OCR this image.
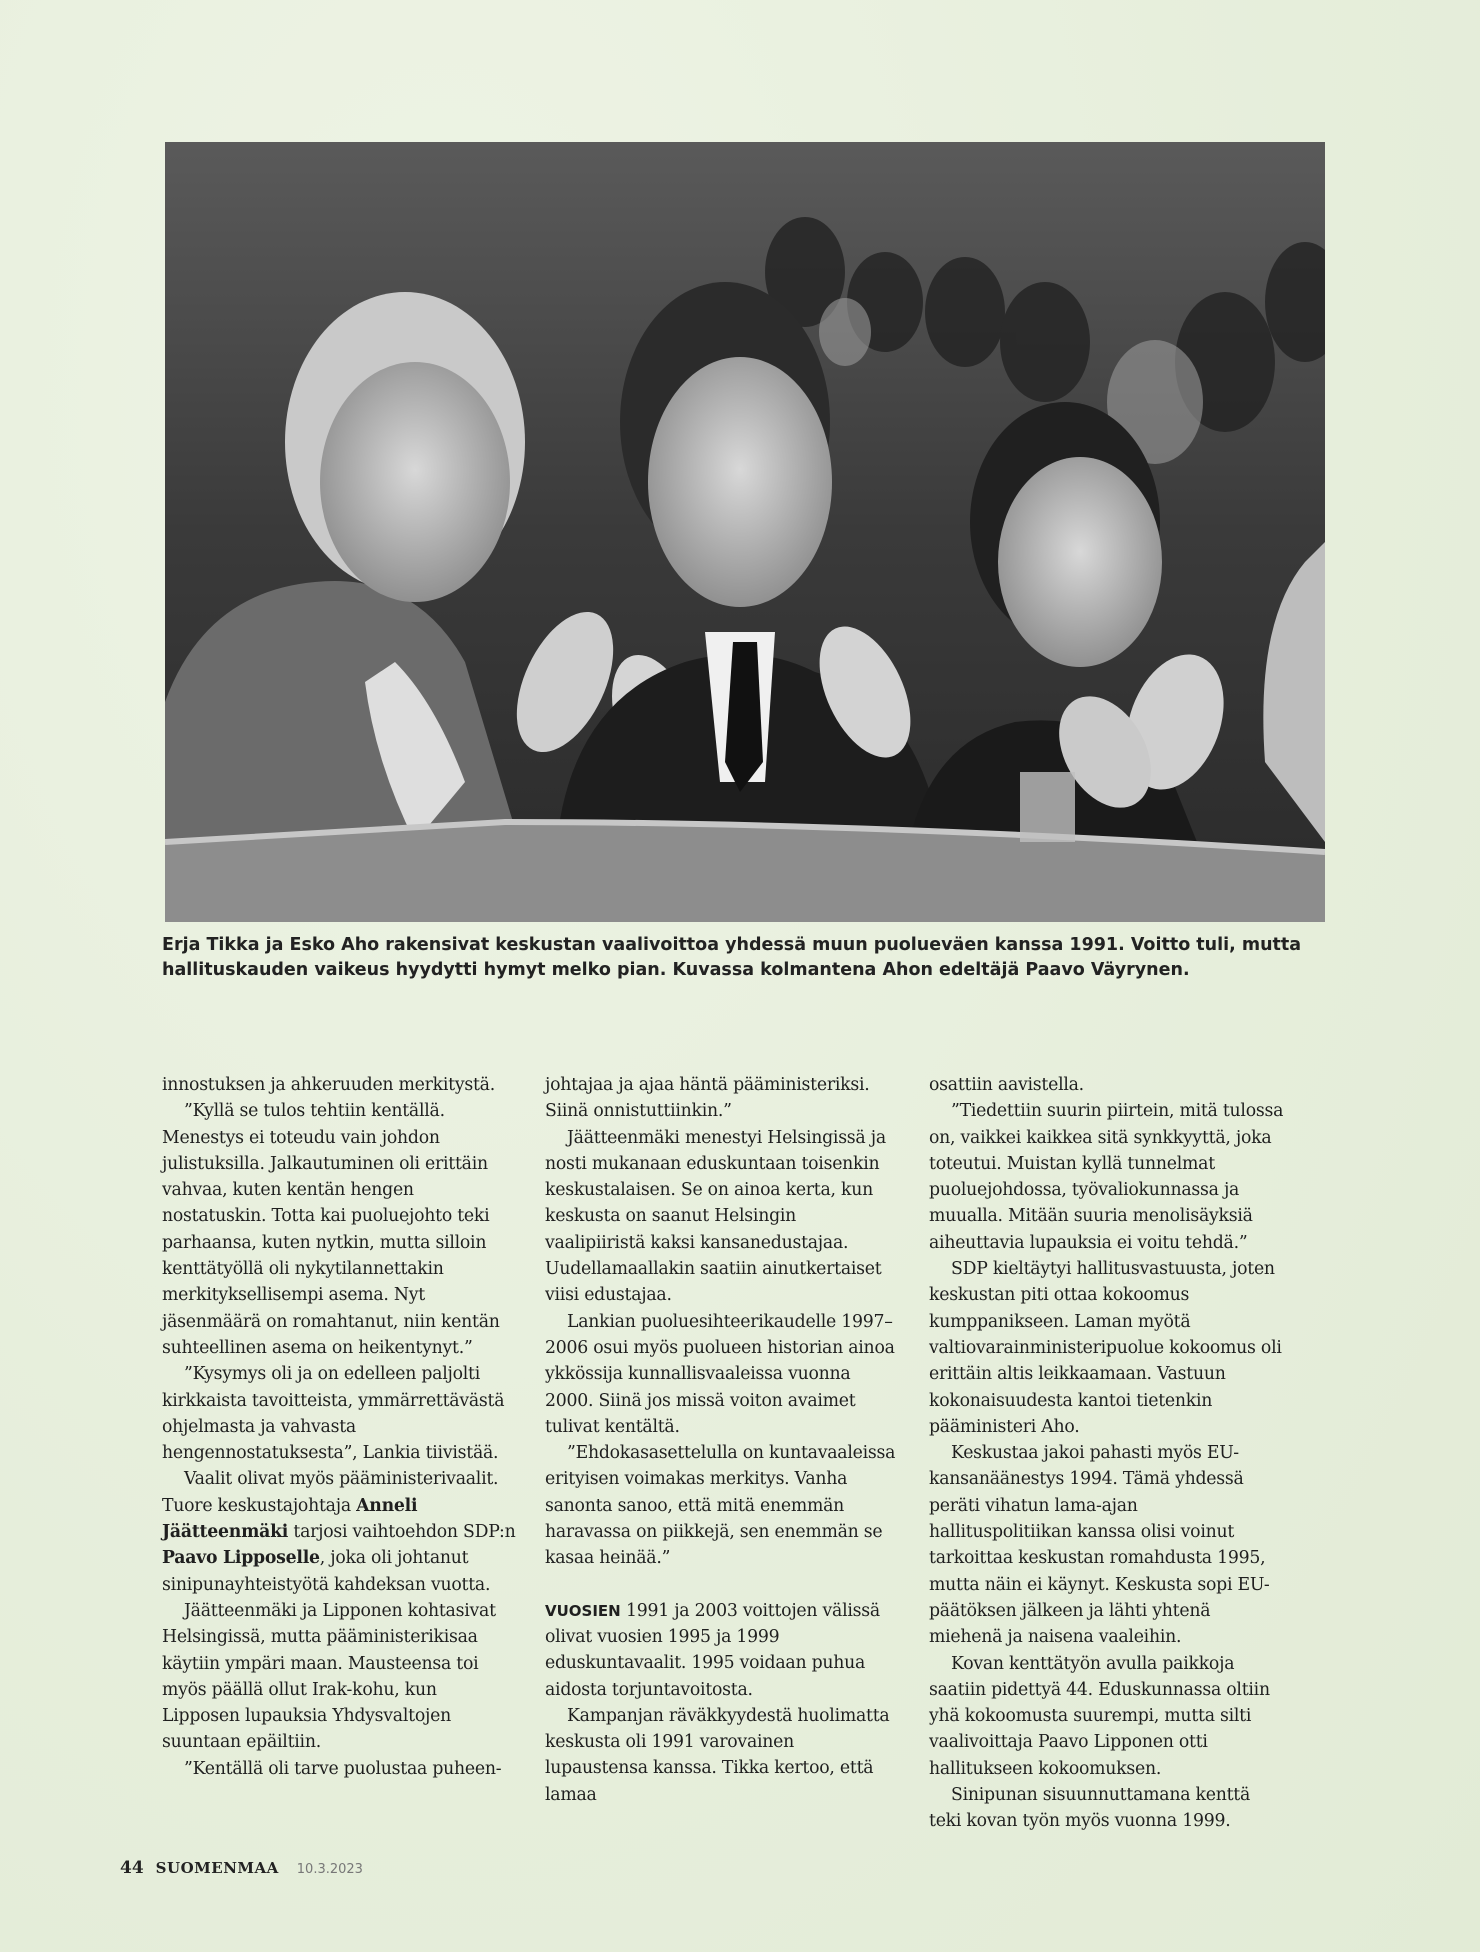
Erja Tikka ja Esko Aho rakensivat keskustan vaalivoittoa yhdessä muun puolueväen kanssa 1991. Voitto tuli, mutta
hallituskauden vaikeus hyydytti hymyt melko pian. Kuvassa kolmantena Ahon edeltäjä Paavo Väyrynen.

innostuksen ja ahkeruuden merkitystä.

”Kyllä se tulos tehtiin kentällä. Menestys ei toteudu vain johdon julistuksilla. Jalkautuminen oli erittäin vahvaa, kuten kentän hengen nostatuskin. Totta kai puoluejohto teki parhaansa, kuten nytkin, mutta silloin kenttätyöllä oli nykytilannettakin merkityksellisempi asema. Nyt jäsenmäärä on romahtanut, niin kentän suhteellinen asema on heikentynyt.”

”Kysymys oli ja on edelleen paljolti kirkkaista tavoitteista, ymmärrettävästä ohjelmasta ja vahvasta hengennostatuksesta”, Lankia tiivistää.

Vaalit olivat myös pääministerivaalit. Tuore keskustajohtaja Anneli Jäätteenmäki tarjosi vaihtoehdon SDP:n Paavo Lipposelle, joka oli johtanut sinipunayhteistyötä kahdeksan vuotta.

Jäätteenmäki ja Lipponen kohtasivat Helsingissä, mutta pääministerikisaa käytiin ympäri maan. Mausteensa toi myös päällä ollut Irak-kohu, kun Lipposen lupauksia Yhdysvaltojen suuntaan epäiltiin.

”Kentällä oli tarve puolustaa puheen-

johtajaa ja ajaa häntä pääministeriksi. Siinä onnistuttiinkin.”

Jäätteenmäki menestyi Helsingissä ja nosti mukanaan eduskuntaan toisenkin keskustalaisen. Se on ainoa kerta, kun keskusta on saanut Helsingin vaalipiiristä kaksi kansanedustajaa. Uudellamaallakin saatiin ainutkertaiset viisi edustajaa.

Lankian puoluesihteerikaudelle 1997–2006 osui myös puolueen historian ainoa ykkössija kunnallisvaaleissa vuonna 2000. Siinä jos missä voiton avaimet tulivat kentältä.

”Ehdokasasettelulla on kuntavaaleissa erityisen voimakas merkitys. Vanha sanonta sanoo, että mitä enemmän haravassa on piikkejä, sen enemmän se kasaa heinää.”

VUOSIEN 1991 ja 2003 voittojen välissä olivat vuosien 1995 ja 1999 eduskuntavaalit. 1995 voidaan puhua aidosta torjuntavoitosta.

Kampanjan räväkkyydestä huolimatta keskusta oli 1991 varovainen lupaustensa kanssa. Tikka kertoo, että lamaa

osattiin aavistella.

”Tiedettiin suurin piirtein, mitä tulossa on, vaikkei kaikkea sitä synkkyyttä, joka toteutui. Muistan kyllä tunnelmat puoluejohdossa, työvaliokunnassa ja muualla. Mitään suuria menolisäyksiä aiheuttavia lupauksia ei voitu tehdä.”

SDP kieltäytyi hallitusvastuusta, joten keskustan piti ottaa kokoomus kumppanikseen. Laman myötä valtiovarainministeripuolue kokoomus oli erittäin altis leikkaamaan. Vastuun kokonaisuudesta kantoi tietenkin pääministeri Aho.

Keskustaa jakoi pahasti myös EU-kansanäänestys 1994. Tämä yhdessä peräti vihatun lama-ajan hallituspolitiikan kanssa olisi voinut tarkoittaa keskustan romahdusta 1995, mutta näin ei käynyt. Keskusta sopi EU-päätöksen jälkeen ja lähti yhtenä miehenä ja naisena vaaleihin.

Kovan kenttätyön avulla paikkoja saatiin pidettyä 44. Eduskunnassa oltiin yhä kokoomusta suurempi, mutta silti vaalivoittaja Paavo Lipponen otti hallitukseen kokoomuksen.

Sinipunan sisuunnuttamana kenttä teki kovan työn myös vuonna 1999.

44 SUOMENMAA 10.3.2023
